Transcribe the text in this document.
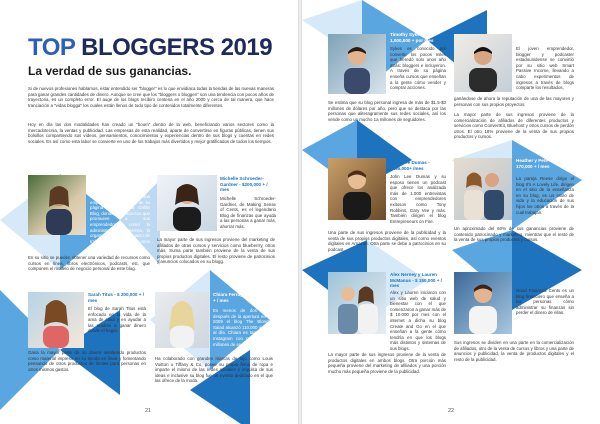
TOP BLOGGERS 2019
La verdad de sus ganancias.

Si de nuevos profesiones hablamos, estar entendido ser "blogger" es lo que envidiaca todas la tiendas de las nuevas maneras para ganar grandes cantidades de dinero. Aunque se cree que los "bloggers o bloggeri" son una tendencia con pocos años de trayectoria, es un completo error. El auge de los blogs recibiro centena en el año 2000 y cerca de tal manera, que hace tranciación a "vidas blogga" los cuales están llenos de todo tipo de contenidos totalmente diferentes.

Hoy en día las dos modalidades han creado un "boom" dentro de la web, beneficiando varios sectores como la mercadotecnia, la ventas y publicidad. Las empresas de esta realidad, aparte de convertirse en figuras públicas, tienen sus bolsillos compartiendo sus vídeos, pensamientos, conocimientos y experiencias dentro de sus blogs y cuentas en redes sociales. Es así como esta labor se convierte en uno de los trabajos más divertidos y mejor gratificados de todos los tiempos.

Melyssa Griffin - $280,000 + / mes

Melyssa Griffin es una emprendedora a través de su página The Melyssa Griffin Blog, donde los productos que promueve a sus emprendedores, como la administración de tiempo, la organización de su espacio de trabajo y muchos otros productos.

En su sitio se pueden obtener una variedad de recursos como cursos en línea, libros electrónicos, podcasts, etc. que componen el modelo de negocio personal de este blog.

Michelle Schroeder-Gardner - $200,000 + / mes

Michelle Schroeder-Gardner, de Making Sense of Cents, es el legendario Blog de finanzas que ayuda a las personas a ganar más, ahorrar más.

La mayor parte de sus ingresos proviene del marketing de afiliados de otras cursos y servicios como blueberrry, otros más. Suma parte también proviene de la venta de sus propios productos digitales. El resto proviene de patrocinios y anuncios colocados en su blogg.

Sarah Titus - $ 200,000 + / mes

El blog de Sarah Titus está enfocado en la vida de la ama de casa y en ayudar a las madres a ganar dinero desde el hogar.

Gana la mayor parte de su dinero vendiendo productos como material impreso en su tienda en línea y fomentando pensando de otros productos de límites para personas en otros mismos gastos.

Chiara Ferragni - $200,000 + / mes

Es menos de dos años después de la apertura en el 2009 el blog The Blonde Salad alcanzó 110.000 visitas al día. Chiara es también el Instagram con más de 15 millones de seguidores.

Ha colaborado con grandes marcas de lujo como Louis Vuitton o Tiffany & Co, posee su propia firma de ropa e imparte el mismo de las redes sociales y impulsa de sus ideas e inclusive su blog fue un evento dedicado en el que las ofrece de la moda.

21
Timothy Sykes - $ 1,000,000 + por mes

Sykes es conocido por convertir los pocos miles que heredó solo unos año atrás: bloggers e incluyeron. A través de su página enseña cursos que enseñan a la gente cómo vender y comprar acciones.

Se estima que su blog personal ingresa de más de $1.5-$3 millones de dólares por año, pero que se destaca por las personas que aliteragramente sus redes sociales, así los vende como un mucho 1a millones de seguidores.

Pat Flynn - $200,000+ / mes

El joven emprendedor, blogger y podcaster estadounidense se convirtió por su sitio web Smart Passive Income, llevando a cabo experimentos de ingresos a través de blogs comparte los resultados,

ganándose de ahora la reputación de una de las mayores y personas con sus propios proyectos.

La mayor parte de sus ingresos proviene de la comercialización de afiliados de diferentes productos y servicios como ConvertKit, Bluehost y otros cursos de perdón otros. El otro 18% proviene de la venta de sus propios productos y cursos.

John Lee Dumas - $195,000+ /mes

John Lee Dumas y su esposo tienen un podcast que ofrece los analizada más de 1.000 entrevistas con emprendedores exitosos como Tony Robbins, Gary Vee y más. También dirigen el blog Entrepreneurs on Fire.

Una parte de sus ingresos proviene de la publicidad y la venta de sus propios productos digitales, así como eventos digitales en Amazon. Otra parte se debe a patrocinios en su podcast.

Heather y Pete Reese - $ 170,000 + / mes

La pareja Reese dirige el blog It's A Lovely Life, dirigen en el sitio de la enseñanza en su blog, es un estilo de vida y la educación de sus hijos los otros a través de la cual trabajan.

Un aproximado del 60% de sus ganancias proviene de contenido patrocinado y marketing, mientras que el resto de la venta de sus propios productos y cursos.

Alex Nerney y Lauren McManus - $ 150,000 + / mes

Alex y Lauren iniciaron con un sitio web de salud y bienestar con el que comenzaron a ganar más de $ 10.000 por mes con el internet a dicha su blog Create and Go en el que enseñan a la gente cómo tendría en que los blogs más distintos y sistemas de sus blogs.

La mayor parte de sus ingresos proviene de la venta de productos digitales en ambos blogs. Otra porción más pequeña proviene del marketing de afiliados y una porción mucho más pequeña proviene de la publicidad.

Jeff Rose - $ 130,000 + / mes

Good Financial Cents es un blog financiero que enseña a los personas cómo administrar su finanzas sin perder el dinero de ellas.

Sus ingresos se dividen en una parte en la comercialización de afiliados, otro de la venta de cursos y libros y una parte de anuncios y publicidad, la venta de productos digitales y el resto de la publicidad.

22
